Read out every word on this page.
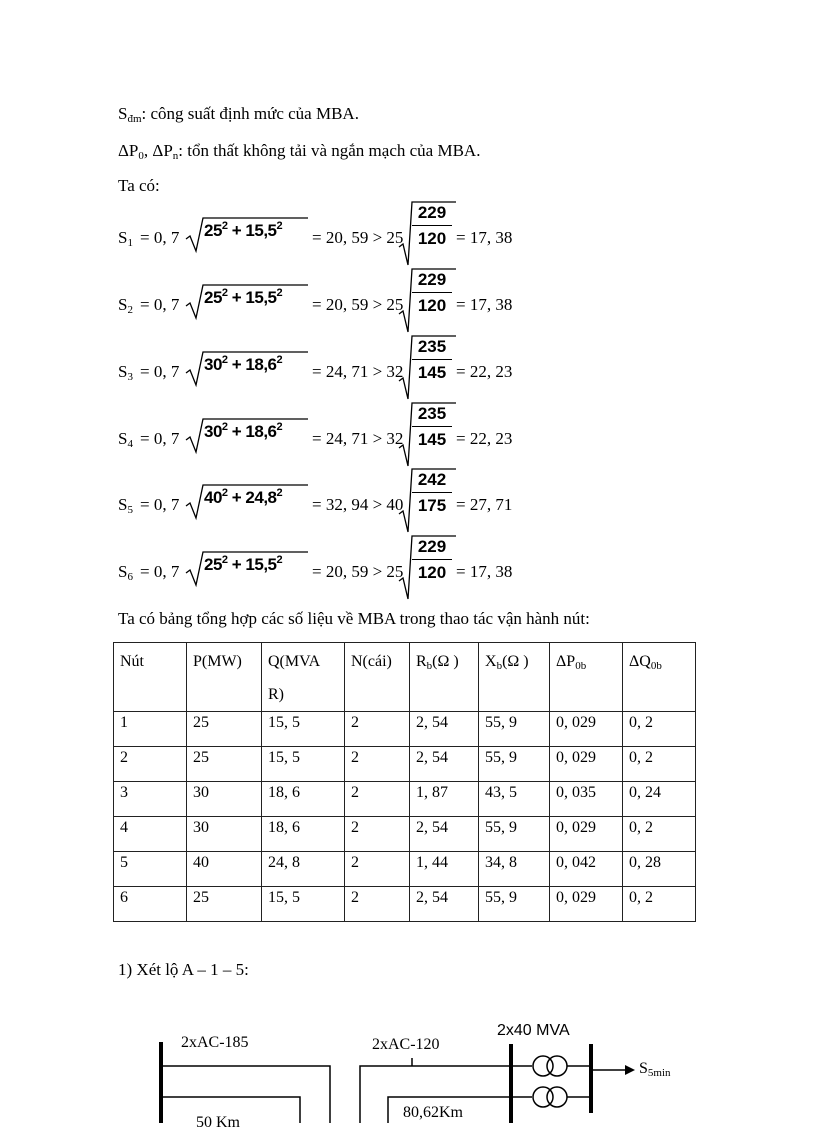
$S_{đm}$: công suất định mức của MBA.
$\Delta P_0$, $\Delta P_n$: tổn thất không tải và ngắn mạch của MBA.
Ta có:
$S_1 = 0$, 7 $25^2 + 15,5^2$
= 20, 59 > 25
229
120 = 17, 38
$S_2 = 0$, 7 $25^2 + 15,5^2$
= 20, 59 > 25
229
120 = 17, 38
$S_3 = 0$, 7 $30^2 + 18,6^2$
= 24, 71 > 32
235
145 = 22, 23
$S_4 = 0$, 7 $30^2 + 18,6^2$
= 24, 71 > 32
235
145 = 22, 23
$S_5 = 0$, 7 $40^2 + 24,8^2$
= 32, 94 > 40
242
175 = 27, 71
$S_6 = 0$, 7 $25^2 + 15,5^2$
= 20, 59 > 25
229
120 = 17, 38
Ta có bảng tổng hợp các số liệu về MBA trong thao tác vận hành nút:
Nút	P(MW)	Q(MVA
R)	N(cái)	$R_b(\Omega$ )	$X_b(\Omega$ )	$\Delta P_{0b}$	$\Delta Q_{0b}$
1	25	15, 5	2	2, 54	55, 9	0, 029	0, 2
2	25	15, 5	2	2, 54	55, 9	0, 029	0, 2
3	30	18, 6	2	1, 87	43, 5	0, 035	0, 24
4	30	18, 6	2	2, 54	55, 9	0, 029	0, 2
5	40	24, 8	2	1, 44	34, 8	0, 042	0, 28
6	25	15, 5	2	2, 54	55, 9	0, 029	0, 2
1) Xét lộ A – 1 – 5:
2xAC-185	2xAC-120
2x40 MVA
$S_{5min}$
50 Km
80,62Km
